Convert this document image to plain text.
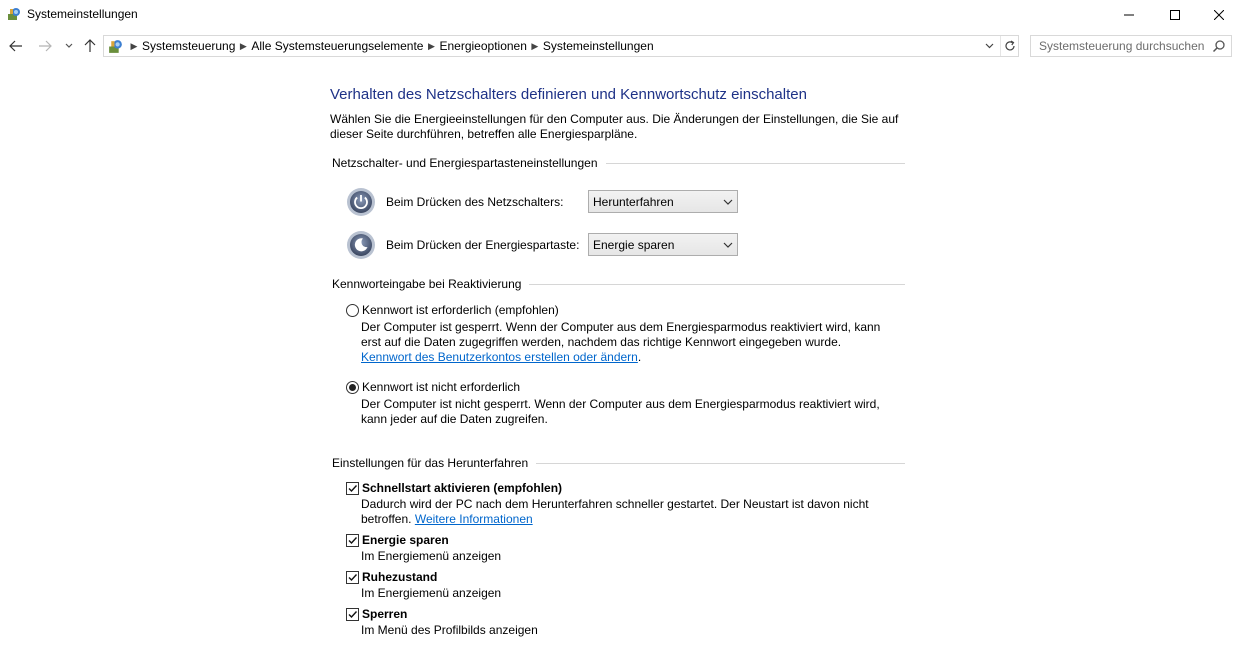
Systemeinstellungen
▶ Systemsteuerung ▶ Alle Systemsteuerungselemente ▶ Energieoptionen ▶ Systemeinstellungen
Systemsteuerung durchsuchen
Verhalten des Netzschalters definieren und Kennwortschutz einschalten
Wählen Sie die Energieeinstellungen für den Computer aus. Die Änderungen der Einstellungen, die Sie auf dieser Seite durchführen, betreffen alle Energiesparpläne.
Netzschalter- und Energiespartasteneinstellungen
Beim Drücken des Netzschalters: Herunterfahren
Beim Drücken der Energiespartaste: Energie sparen
Kennworteingabe bei Reaktivierung
Kennwort ist erforderlich (empfohlen)
Der Computer ist gesperrt. Wenn der Computer aus dem Energiesparmodus reaktiviert wird, kann
erst auf die Daten zugegriffen werden, nachdem das richtige Kennwort eingegeben wurde.
Kennwort des Benutzerkontos erstellen oder ändern.
Kennwort ist nicht erforderlich
Der Computer ist nicht gesperrt. Wenn der Computer aus dem Energiesparmodus reaktiviert wird,
kann jeder auf die Daten zugreifen.
Einstellungen für das Herunterfahren
Schnellstart aktivieren (empfohlen)
Dadurch wird der PC nach dem Herunterfahren schneller gestartet. Der Neustart ist davon nicht
betroffen. Weitere Informationen
Energie sparen
Im Energiemenü anzeigen
Ruhezustand
Im Energiemenü anzeigen
Sperren
Im Menü des Profilbilds anzeigen
